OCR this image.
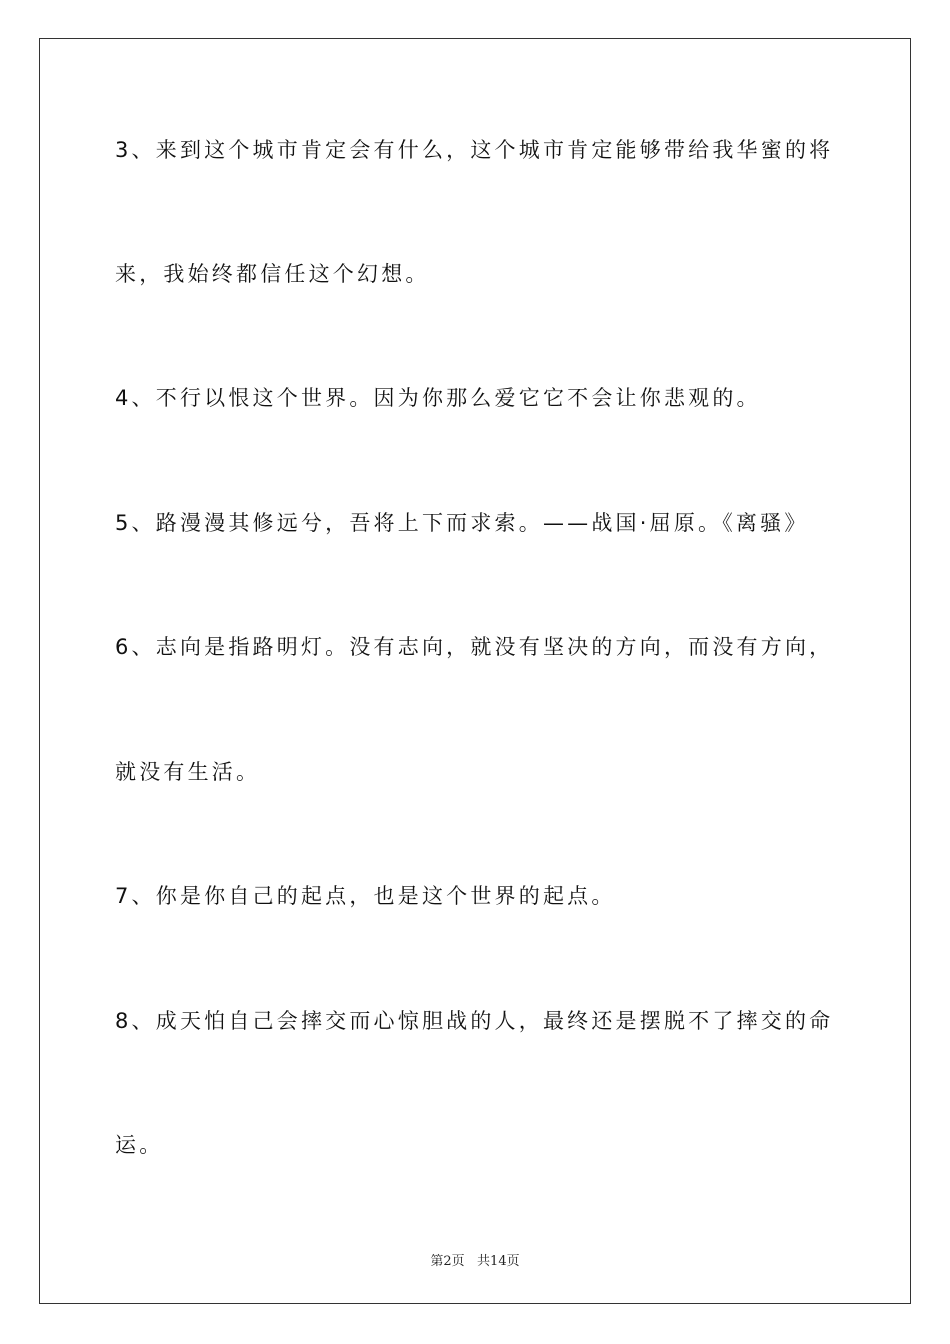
3、来到这个城市肯定会有什么，这个城市肯定能够带给我华蜜的将
来，我始终都信任这个幻想。
4、不行以恨这个世界。因为你那么爱它它不会让你悲观的。
5、路漫漫其修远兮，吾将上下而求索。——战国·屈原。《离骚》
6、志向是指路明灯。没有志向，就没有坚决的方向，而没有方向，
就没有生活。
7、你是你自己的起点，也是这个世界的起点。
8、成天怕自己会摔交而心惊胆战的人，最终还是摆脱不了摔交的命
运。
第2页   共14页
